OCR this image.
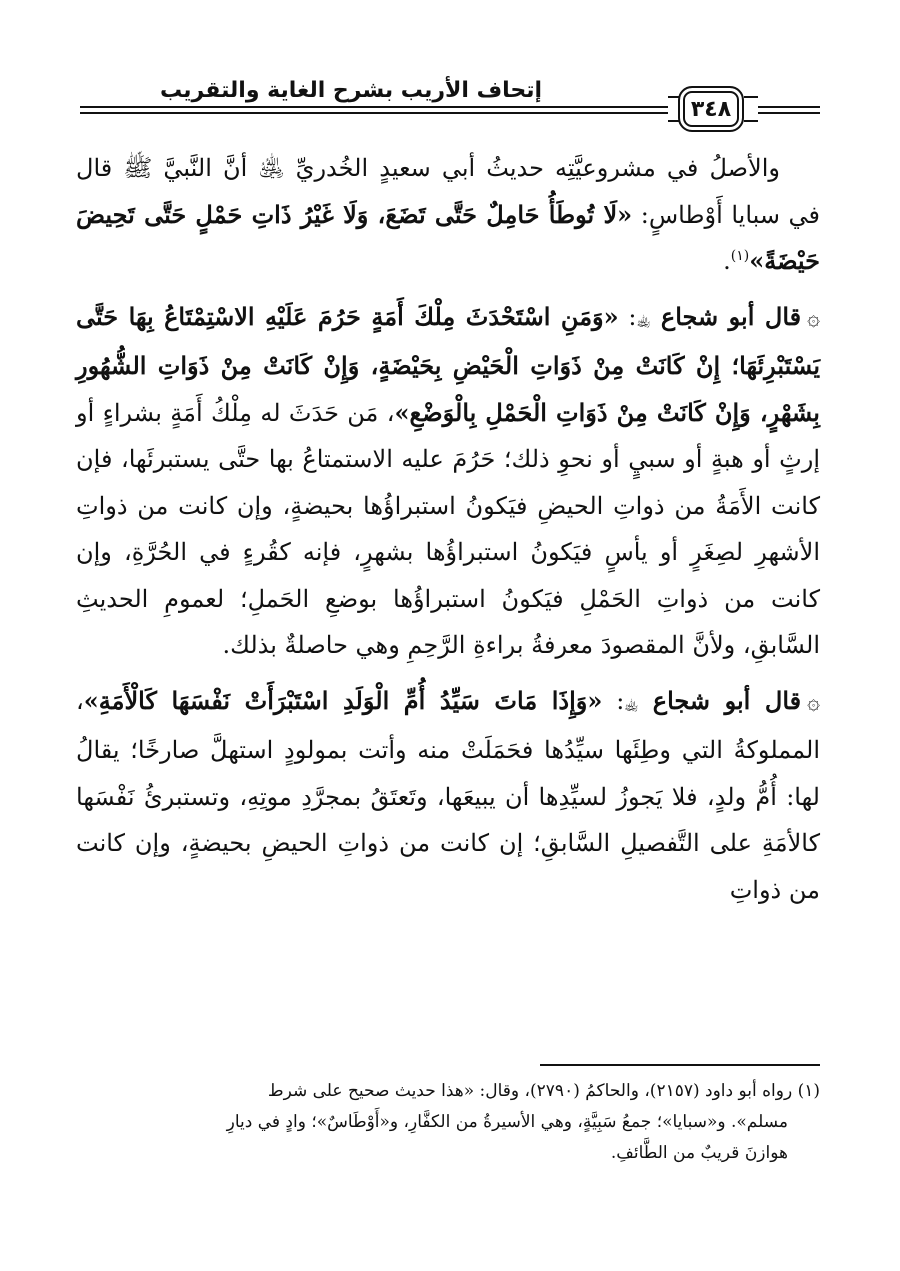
إتحاف الأريب بشرح الغاية والتقريب
٣٤٨

والأصلُ في مشروعيَّتِه حديثُ أبي سعيدٍ الخُدريِّ ﵁ أنَّ النَّبيَّ ﷺ قال في سبايا أَوْطاسٍ: «لَا تُوطَأُ حَامِلٌ حَتَّى تَضَعَ، وَلَا غَيْرُ ذَاتِ حَمْلٍ حَتَّى تَحِيضَ حَيْضَةً»$^{(١)}$.

۞قال أبو شجاع ﵀: «وَمَنِ اسْتَحْدَثَ مِلْكَ أَمَةٍ حَرُمَ عَلَيْهِ الاسْتِمْتَاعُ بِهَا حَتَّى يَسْتَبْرِئَهَا؛ إِنْ كَانَتْ مِنْ ذَوَاتِ الْحَيْضِ بِحَيْضَةٍ، وَإِنْ كَانَتْ مِنْ ذَوَاتِ الشُّهُورِ بِشَهْرٍ، وَإِنْ كَانَتْ مِنْ ذَوَاتِ الْحَمْلِ بِالْوَضْعِ»، مَن حَدَثَ له مِلْكُ أَمَةٍ بشراءٍ أو إرثٍ أو هبةٍ أو سبيٍ أو نحوِ ذلك؛ حَرُمَ عليه الاستمتاعُ بها حتَّى يستبرئَها، فإن كانت الأَمَةُ من ذواتِ الحيضِ فيَكونُ استبراؤُها بحيضةٍ، وإن كانت من ذواتِ الأشهرِ لصِغَرٍ أو يأسٍ فيَكونُ استبراؤُها بشهرٍ، فإنه كقُرءٍ في الحُرَّةِ، وإن كانت من ذواتِ الحَمْلِ فيَكونُ استبراؤُها بوضعِ الحَملِ؛ لعمومِ الحديثِ السَّابقِ، ولأنَّ المقصودَ معرفةُ براءةِ الرَّحِمِ وهي حاصلةٌ بذلك.

۞قال أبو شجاع ﵀: «وَإِذَا مَاتَ سَيِّدُ أُمِّ الْوَلَدِ اسْتَبْرَأَتْ نَفْسَهَا كَالْأَمَةِ»، المملوكةُ التي وطِئَها سيِّدُها فحَمَلَتْ منه وأتت بمولودٍ استهلَّ صارخًا؛ يقالُ لها: أُمُّ ولدٍ، فلا يَجوزُ لسيِّدِها أن يبيعَها، وتَعتَقُ بمجرَّدِ موتِهِ، وتستبرئُ نَفْسَها كالأمَةِ على التَّفصيلِ السَّابقِ؛ إن كانت من ذواتِ الحيضِ بحيضةٍ، وإن كانت من ذواتِ

(١) رواه أبو داود (٢١٥٧)، والحاكمُ (٢٧٩٠)، وقال: «هذا حديث صحيح على شرط
مسلم». و«سبايا»؛ جمعُ سَبِيَّةٍ، وهي الأسيرةُ من الكفَّارِ، و«أَوْطَاسٌ»؛ وادٍ في ديارِ
هوازنَ قريبٌ من الطَّائفِ.
